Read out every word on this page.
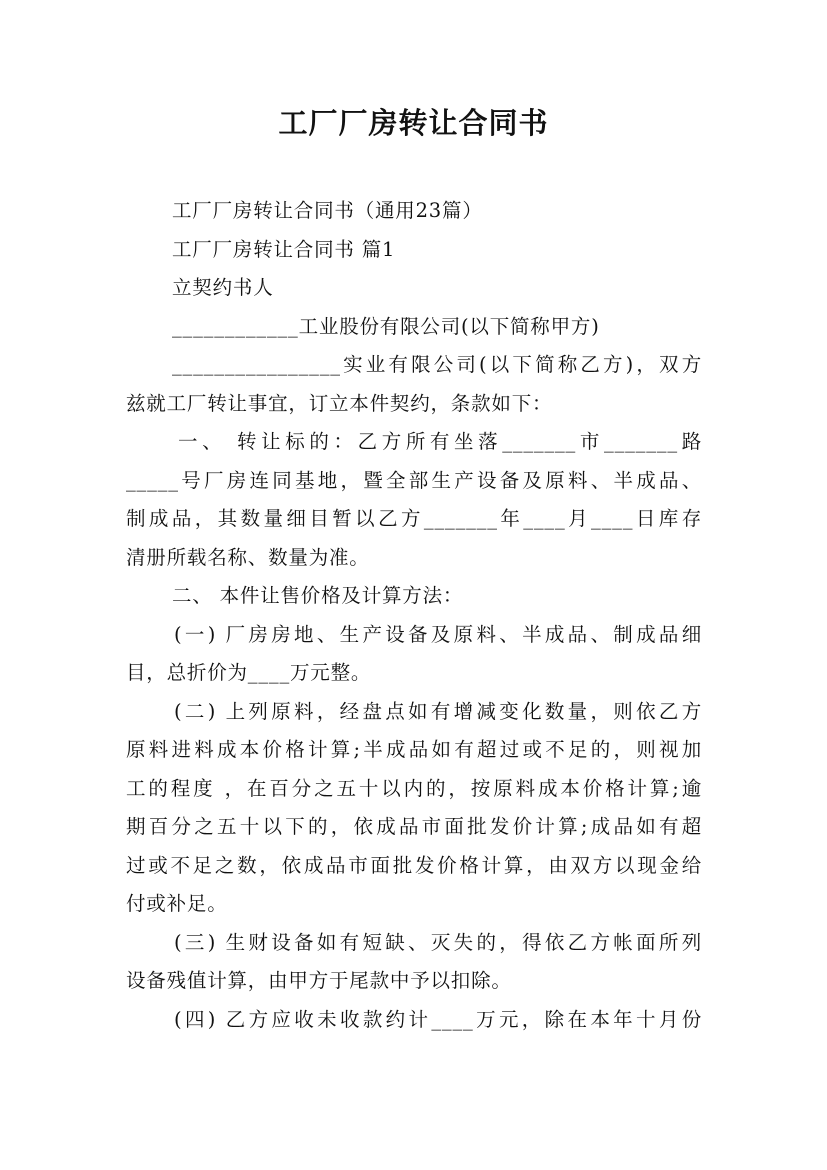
工厂厂房转让合同书
工厂厂房转让合同书（通用23篇）
工厂厂房转让合同书 篇1
立契约书人
____________工业股份有限公司(以下简称甲方)
________________实业有限公司(以下简称乙方)，双方
兹就工厂转让事宜，订立本件契约，条款如下：
一、 转让标的：乙方所有坐落_______市_______路
_____号厂房连同基地，暨全部生产设备及原料、半成品、
制成品，其数量细目暂以乙方_______年____月____日库存
清册所载名称、数量为准。
二、 本件让售价格及计算方法：
(一) 厂房房地、生产设备及原料、半成品、制成品细
目，总折价为____万元整。
(二) 上列原料，经盘点如有增减变化数量，则依乙方
原料进料成本价格计算;半成品如有超过或不足的，则视加
工的程度 ，在百分之五十以内的，按原料成本价格计算;逾
期百分之五十以下的，依成品市面批发价计算;成品如有超
过或不足之数，依成品市面批发价格计算，由双方以现金给
付或补足。
(三) 生财设备如有短缺、灭失的，得依乙方帐面所列
设备残值计算，由甲方于尾款中予以扣除。
(四) 乙方应收未收款约计____万元，除在本年十月份
